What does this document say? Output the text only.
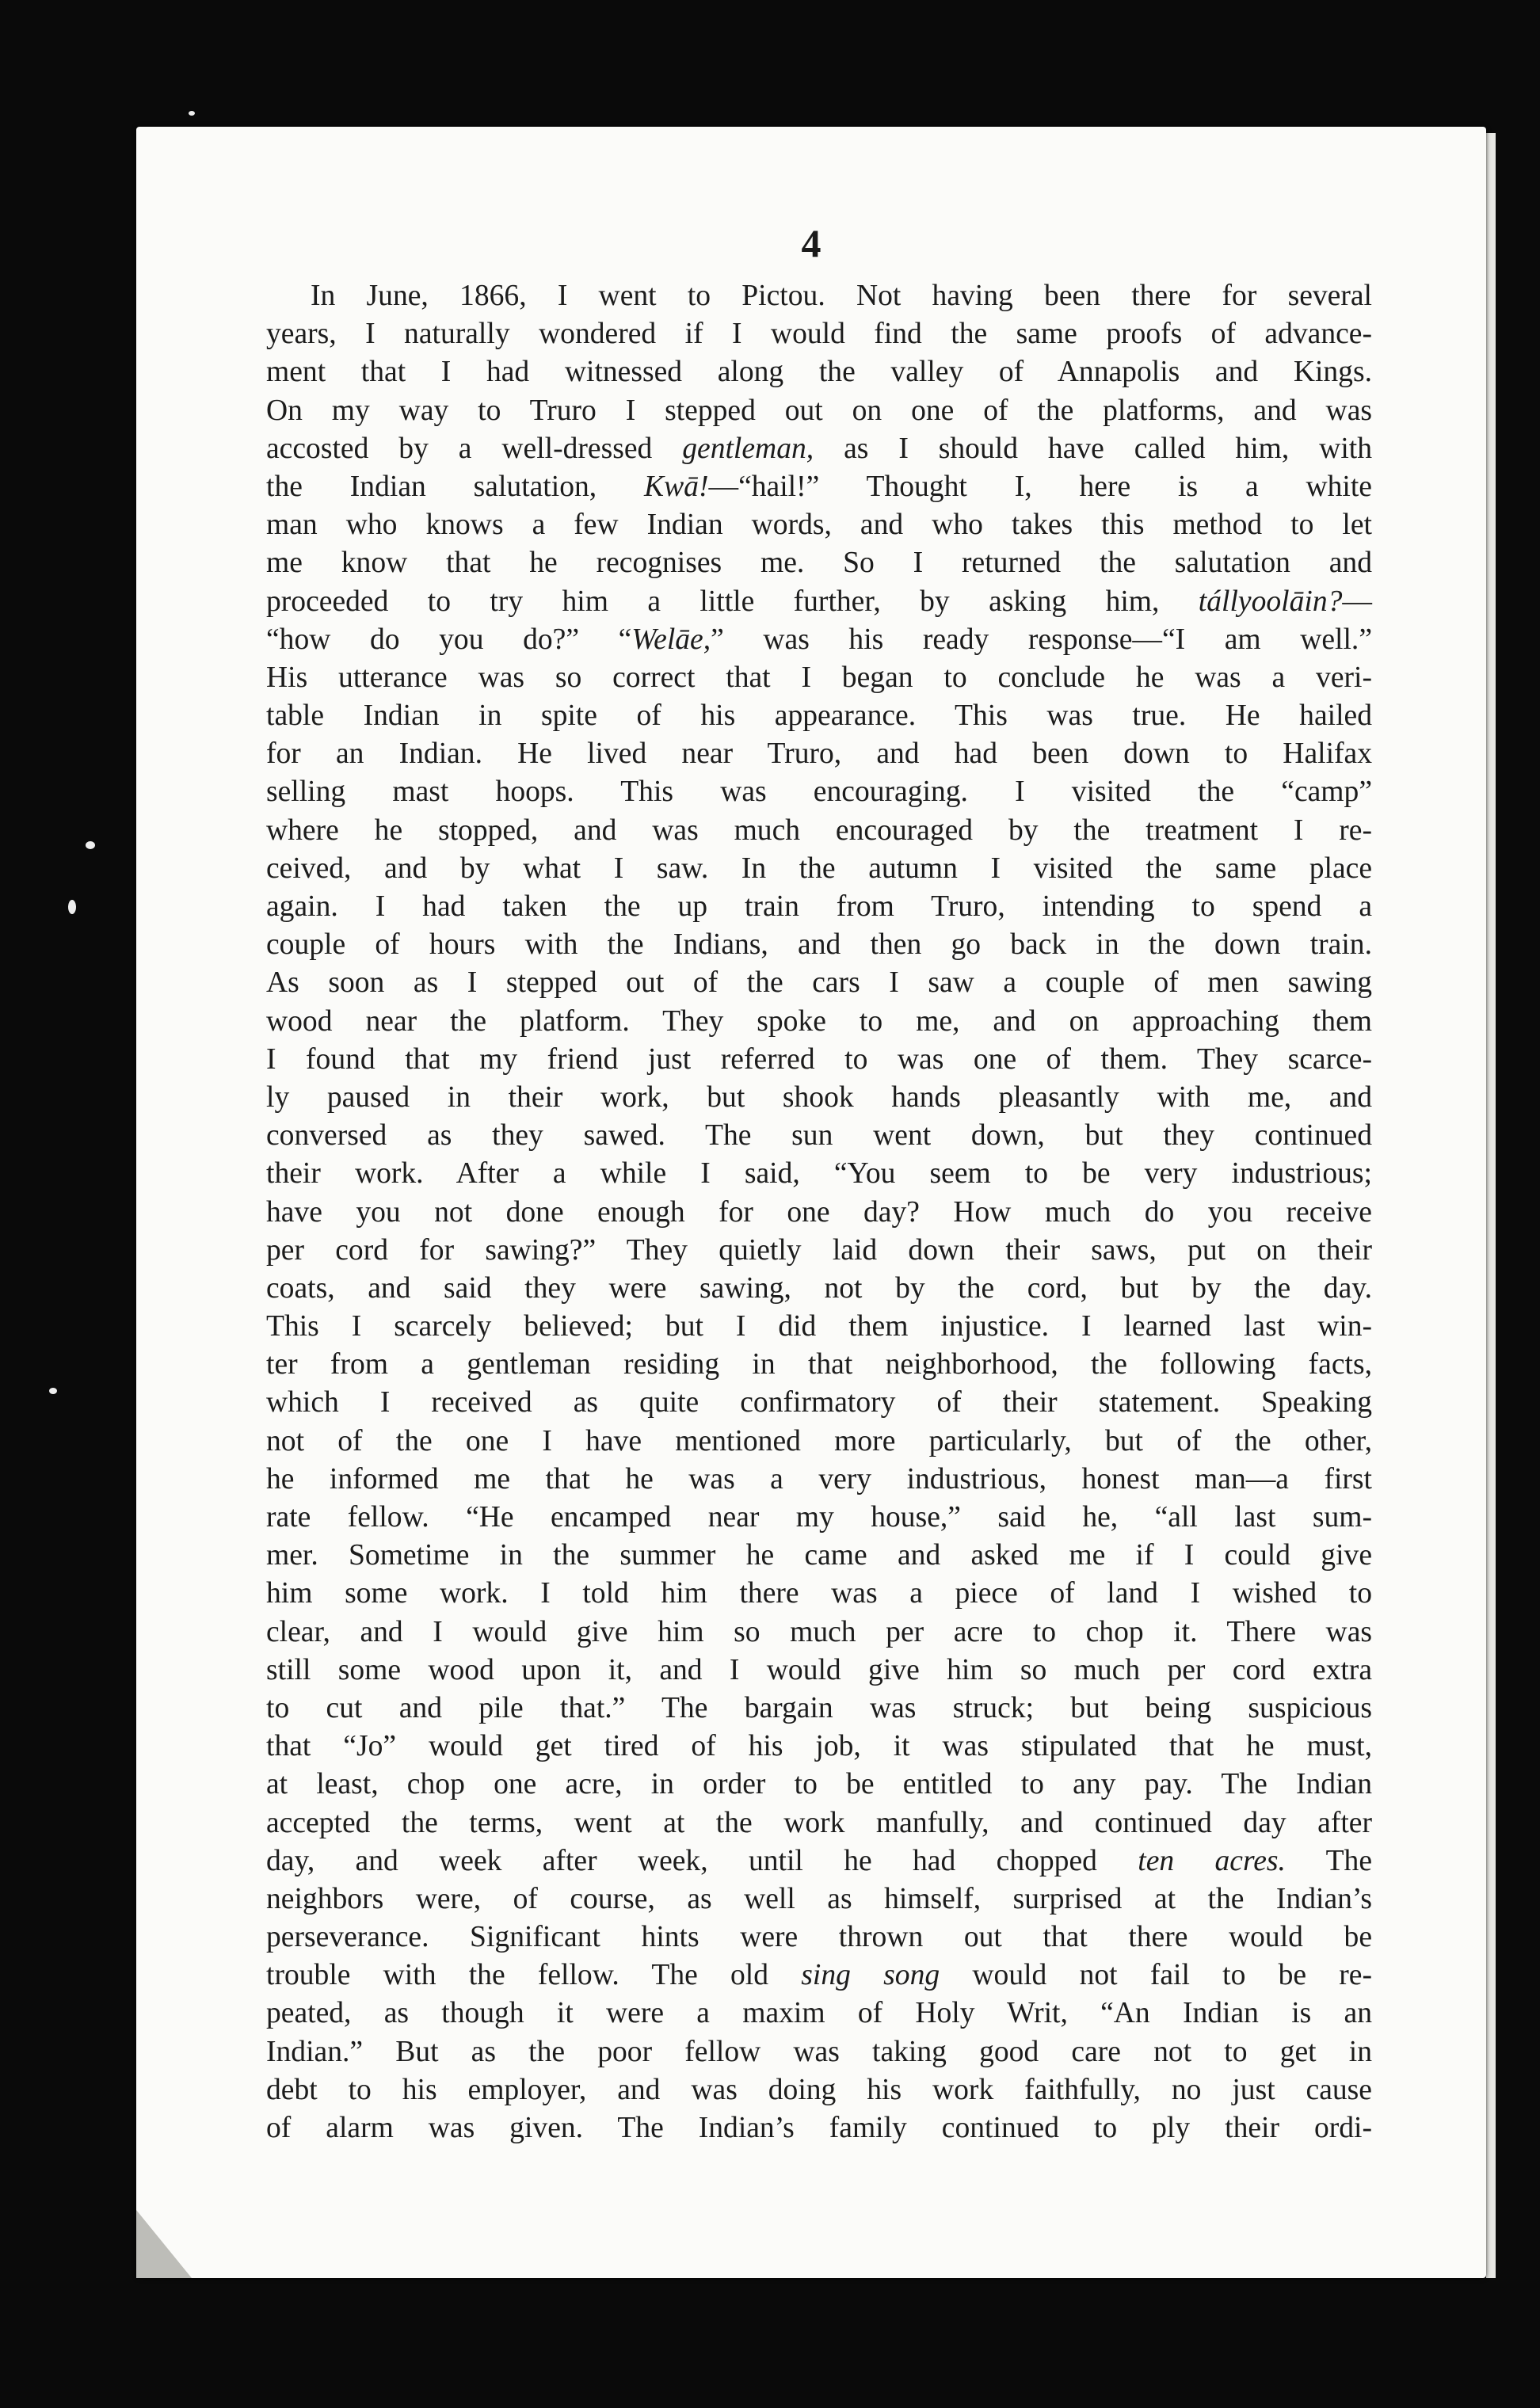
4
In June, 1866, I went to Pictou. Not having been there for several
years, I naturally wondered if I would find the same proofs of advance-
ment that I had witnessed along the valley of Annapolis and Kings.
On my way to Truro I stepped out on one of the platforms, and was
accosted by a well-dressed gentleman, as I should have called him, with
the Indian salutation, Kwā!—“hail!” Thought I, here is a white
man who knows a few Indian words, and who takes this method to let
me know that he recognises me. So I returned the salutation and
proceeded to try him a little further, by asking him, tállyoolāin?—
“how do you do?” “Welāe,” was his ready response—“I am well.”
His utterance was so correct that I began to conclude he was a veri-
table Indian in spite of his appearance. This was true. He hailed
for an Indian. He lived near Truro, and had been down to Halifax
selling mast hoops. This was encouraging. I visited the “camp”
where he stopped, and was much encouraged by the treatment I re-
ceived, and by what I saw. In the autumn I visited the same place
again. I had taken the up train from Truro, intending to spend a
couple of hours with the Indians, and then go back in the down train.
As soon as I stepped out of the cars I saw a couple of men sawing
wood near the platform. They spoke to me, and on approaching them
I found that my friend just referred to was one of them. They scarce-
ly paused in their work, but shook hands pleasantly with me, and
conversed as they sawed. The sun went down, but they continued
their work. After a while I said, “You seem to be very industrious;
have you not done enough for one day? How much do you receive
per cord for sawing?” They quietly laid down their saws, put on their
coats, and said they were sawing, not by the cord, but by the day.
This I scarcely believed; but I did them injustice. I learned last win-
ter from a gentleman residing in that neighborhood, the following facts,
which I received as quite confirmatory of their statement. Speaking
not of the one I have mentioned more particularly, but of the other,
he informed me that he was a very industrious, honest man—a first
rate fellow. “He encamped near my house,” said he, “all last sum-
mer. Sometime in the summer he came and asked me if I could give
him some work. I told him there was a piece of land I wished to
clear, and I would give him so much per acre to chop it. There was
still some wood upon it, and I would give him so much per cord extra
to cut and pile that.” The bargain was struck; but being suspicious
that “Jo” would get tired of his job, it was stipulated that he must,
at least, chop one acre, in order to be entitled to any pay. The Indian
accepted the terms, went at the work manfully, and continued day after
day, and week after week, until he had chopped ten acres. The
neighbors were, of course, as well as himself, surprised at the Indian’s
perseverance. Significant hints were thrown out that there would be
trouble with the fellow. The old sing song would not fail to be re-
peated, as though it were a maxim of Holy Writ, “An Indian is an
Indian.” But as the poor fellow was taking good care not to get in
debt to his employer, and was doing his work faithfully, no just cause
of alarm was given. The Indian’s family continued to ply their ordi-
